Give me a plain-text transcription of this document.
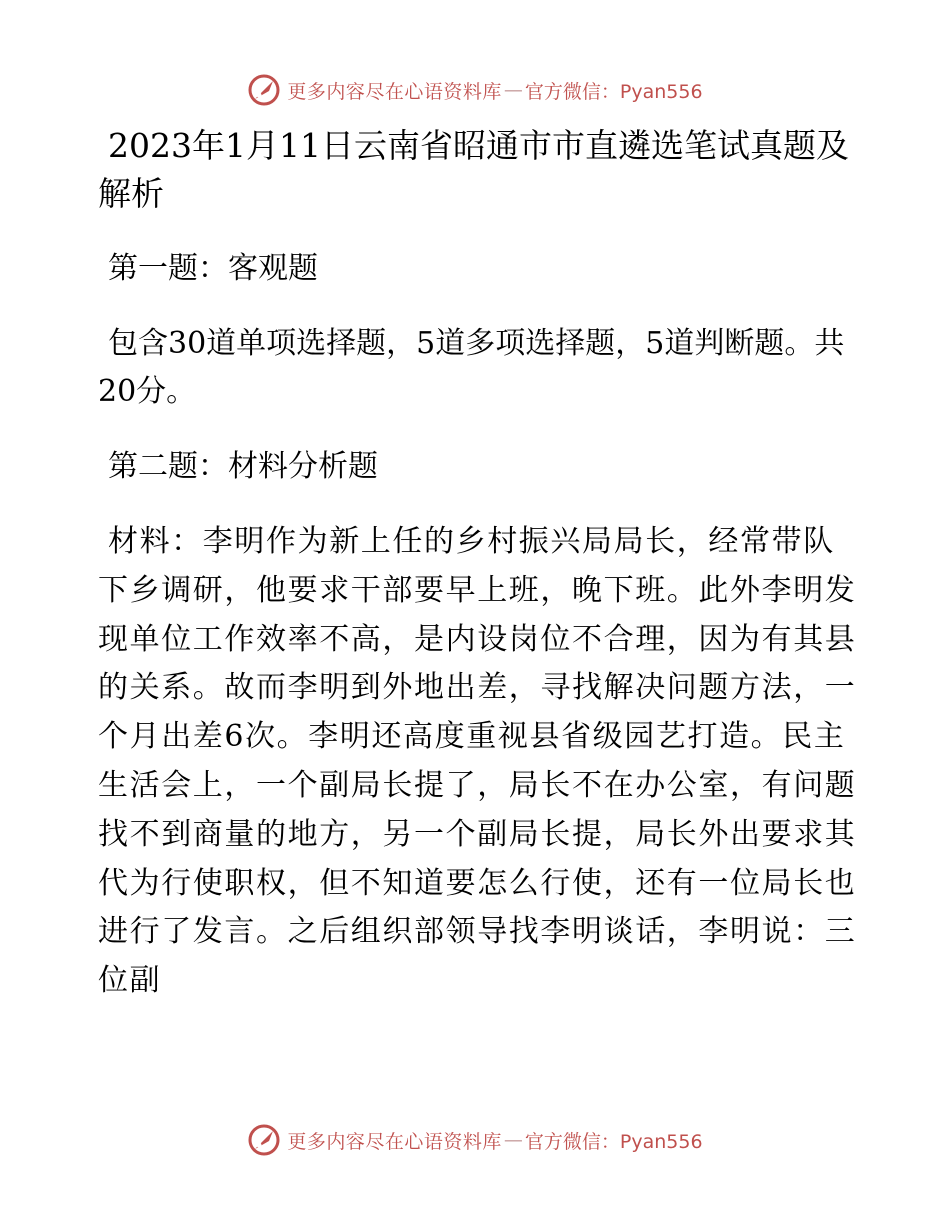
更多内容尽在心语资料库 — 官方微信：Pyan556
2023年1月11日云南省昭通市市直遴选笔试真题及解析
第一题：客观题
包含30道单项选择题，5道多项选择题，5道判断题。共20分。
第二题：材料分析题
材料：李明作为新上任的乡村振兴局局长，经常带队下乡调研，他要求干部要早上班，晚下班。此外李明发现单位工作效率不高，是内设岗位不合理，因为有其县的关系。故而李明到外地出差，寻找解决问题方法，一个月出差6次。李明还高度重视县省级园艺打造。民主生活会上，一个副局长提了，局长不在办公室，有问题找不到商量的地方，另一个副局长提，局长外出要求其代为行使职权，但不知道要怎么行使，还有一位局长也进行了发言。之后组织部领导找李明谈话，李明说：三位副
更多内容尽在心语资料库 — 官方微信：Pyan556
